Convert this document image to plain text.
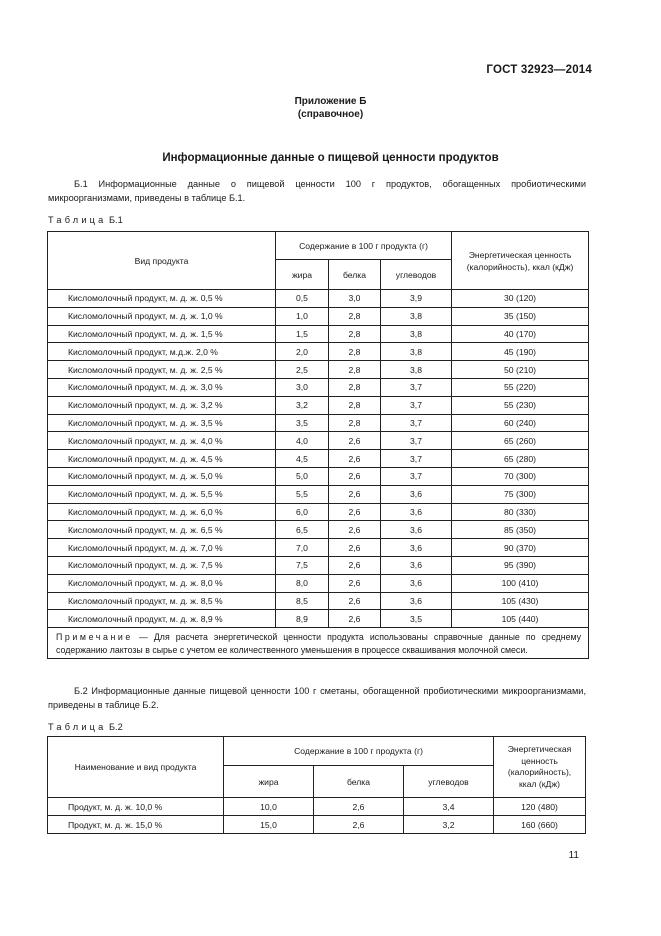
ГОСТ 32923—2014
Приложение Б
(справочное)
Информационные данные о пищевой ценности продуктов
Б.1 Информационные данные о пищевой ценности 100 г продуктов, обогащенных пробиотическими микроорганизмами, приведены в таблице Б.1.
Таблица Б.1
Вид продукта	Содержание в 100 г продукта (г)			Энергетическая ценность (калорийность), ккал (кДж)
	жира	белка	углеводов	
Кисломолочный продукт, м. д. ж. 0,5 %	0,5	3,0	3,9	30 (120)
Кисломолочный продукт, м. д. ж. 1,0 %	1,0	2,8	3,8	35 (150)
Кисломолочный продукт, м. д. ж. 1,5 %	1,5	2,8	3,8	40 (170)
Кисломолочный продукт, м.д.ж. 2,0 %	2,0	2,8	3,8	45 (190)
Кисломолочный продукт, м. д. ж. 2,5 %	2,5	2,8	3,8	50 (210)
Кисломолочный продукт, м. д. ж. 3,0 %	3,0	2,8	3,7	55 (220)
Кисломолочный продукт, м. д. ж. 3,2 %	3,2	2,8	3,7	55 (230)
Кисломолочный продукт, м. д. ж. 3,5 %	3,5	2,8	3,7	60 (240)
Кисломолочный продукт, м. д. ж. 4,0 %	4,0	2,6	3,7	65 (260)
Кисломолочный продукт, м. д. ж. 4,5 %	4,5	2,6	3,7	65 (280)
Кисломолочный продукт, м. д. ж. 5,0 %	5,0	2,6	3,7	70 (300)
Кисломолочный продукт, м. д. ж. 5,5 %	5,5	2,6	3,6	75 (300)
Кисломолочный продукт, м. д. ж. 6,0 %	6,0	2,6	3,6	80 (330)
Кисломолочный продукт, м. д. ж. 6,5 %	6,5	2,6	3,6	85 (350)
Кисломолочный продукт, м. д. ж. 7,0 %	7,0	2,6	3,6	90 (370)
Кисломолочный продукт, м. д. ж. 7,5 %	7,5	2,6	3,6	95 (390)
Кисломолочный продукт, м. д. ж. 8,0 %	8,0	2,6	3,6	100 (410)
Кисломолочный продукт, м. д. ж. 8,5 %	8,5	2,6	3,6	105 (430)
Кисломолочный продукт, м. д. ж. 8,9 %	8,9	2,6	3,5	105 (440)
Примечание — Для расчета энергетической ценности продукта использованы справочные данные по среднему содержанию лактозы в сырье с учетом ее количественного уменьшения в процессе сквашивания молочной смеси.				
Б.2 Информационные данные пищевой ценности 100 г сметаны, обогащенной пробиотическими микроорганизмами, приведены в таблице Б.2.
Таблица Б.2
Наименование и вид продукта	Содержание в 100 г продукта (г)			Энергетическая ценность (калорийность), ккал (кДж)
	жира	белка	углеводов	
Продукт, м. д. ж. 10,0 %	10,0	2,6	3,4	120 (480)
Продукт, м. д. ж. 15,0 %	15,0	2,6	3,2	160 (660)
11
